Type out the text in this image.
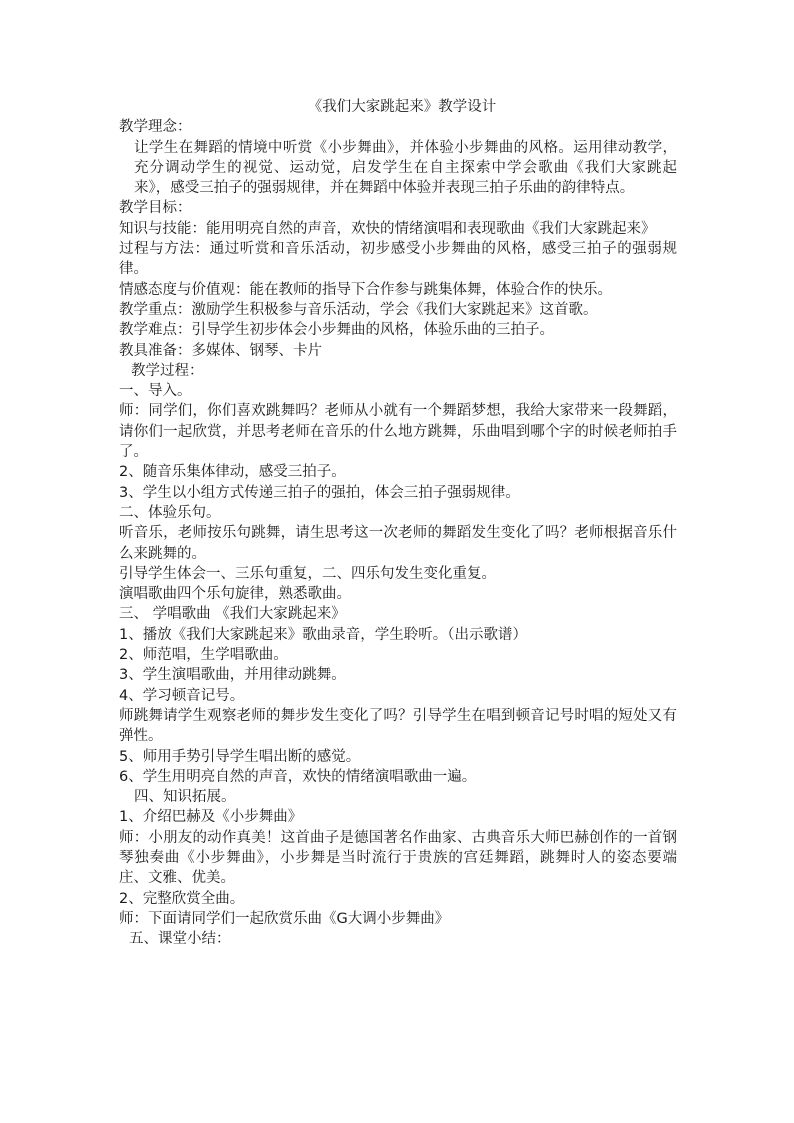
《我们大家跳起来》教学设计

教学理念：

让学生在舞蹈的情境中听赏《小步舞曲》，并体验小步舞曲的风格。运用律动教学，充分调动学生的视觉、运动觉，启发学生在自主探索中学会歌曲《我们大家跳起来》，感受三拍子的强弱规律，并在舞蹈中体验并表现三拍子乐曲的韵律特点。

教学目标：

知识与技能：能用明亮自然的声音，欢快的情绪演唱和表现歌曲《我们大家跳起来》

过程与方法：通过听赏和音乐活动，初步感受小步舞曲的风格，感受三拍子的强弱规律。

情感态度与价值观：能在教师的指导下合作参与跳集体舞，体验合作的快乐。

教学重点：激励学生积极参与音乐活动，学会《我们大家跳起来》这首歌。

教学难点：引导学生初步体会小步舞曲的风格，体验乐曲的三拍子。

教具准备：多媒体、钢琴、卡片

教学过程：

一、导入。

师：同学们，你们喜欢跳舞吗？老师从小就有一个舞蹈梦想，我给大家带来一段舞蹈，请你们一起欣赏，并思考老师在音乐的什么地方跳舞，乐曲唱到哪个字的时候老师拍手了。

2、随音乐集体律动，感受三拍子。

3、学生以小组方式传递三拍子的强拍，体会三拍子强弱规律。

二、体验乐句。

听音乐，老师按乐句跳舞，请生思考这一次老师的舞蹈发生变化了吗？老师根据音乐什么来跳舞的。

引导学生体会一、三乐句重复，二、四乐句发生变化重复。

演唱歌曲四个乐句旋律，熟悉歌曲。

三、 学唱歌曲 《我们大家跳起来》

1、播放《我们大家跳起来》歌曲录音，学生聆听。（出示歌谱）

2、师范唱，生学唱歌曲。

3、学生演唱歌曲，并用律动跳舞。

4、学习顿音记号。

师跳舞请学生观察老师的舞步发生变化了吗？引导学生在唱到顿音记号时唱的短处又有弹性。

5、师用手势引导学生唱出断的感觉。

6、学生用明亮自然的声音，欢快的情绪演唱歌曲一遍。

四、知识拓展。

1、介绍巴赫及《小步舞曲》

师：小朋友的动作真美！这首曲子是德国著名作曲家、古典音乐大师巴赫创作的一首钢琴独奏曲《小步舞曲》，小步舞是当时流行于贵族的宫廷舞蹈，跳舞时人的姿态要端庄、文雅、优美。

2、完整欣赏全曲。

师：下面请同学们一起欣赏乐曲《G大调小步舞曲》

五、课堂小结：
